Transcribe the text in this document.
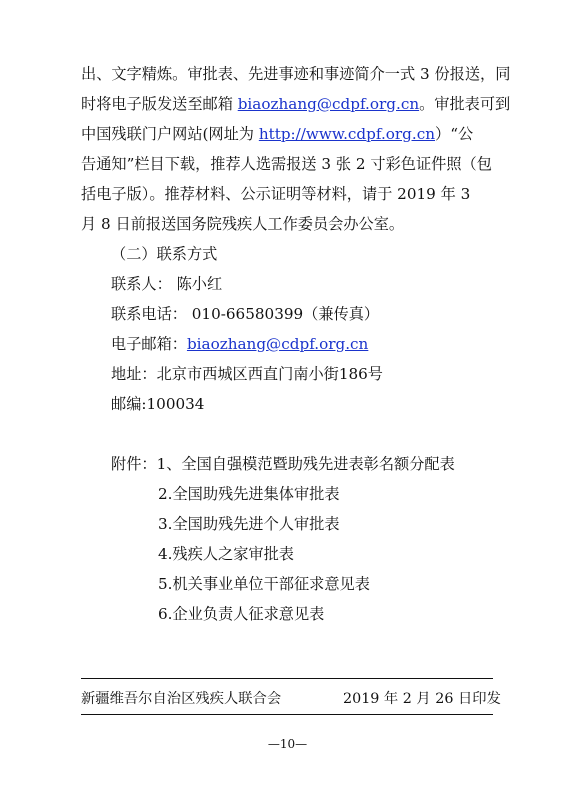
出、文字精炼。审批表、先进事迹和事迹简介一式 3 份报送，同
时将电子版发送至邮箱 biaozhang@cdpf.org.cn。审批表可到
中国残联门户网站(网址为 http://www.cdpf.org.cn）“公
告通知”栏目下载，推荐人选需报送 3 张 2 寸彩色证件照（包
括电子版）。推荐材料、公示证明等材料，请于 2019 年 3
月 8 日前报送国务院残疾人工作委员会办公室。
（二）联系方式
联系人： 陈小红
联系电话： 010-66580399（兼传真）
电子邮箱：biaozhang@cdpf.org.cn
地址：北京市西城区西直门南小街186号
邮编:100034
附件：1、全国自强模范暨助残先进表彰名额分配表
2.全国助残先进集体审批表
3.全国助残先进个人审批表
4.残疾人之家审批表
5.机关事业单位干部征求意见表
6.企业负责人征求意见表
新疆维吾尔自治区残疾人联合会	2019 年 2 月 26 日印发
—10—
